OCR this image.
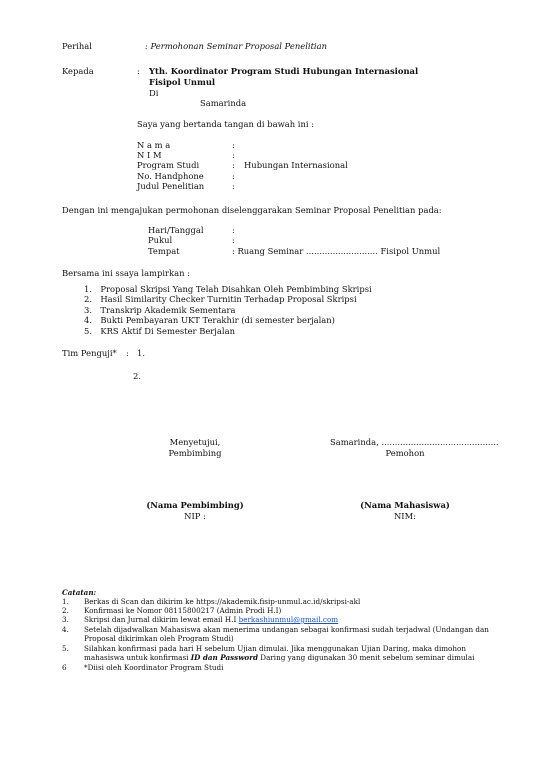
Perihal	: Permohonan Seminar Proposal Penelitian
Kepada	: Yth. Koordinator Program Studi Hubungan Internasional
Fisipol Unmul
Di
Samarinda
Saya yang bertanda tangan di bawah ini :
N a m a	:
N I M	:
Program Studi	: Hubungan Internasional
No. Handphone	:
Judul Penelitian	:
Dengan ini mengajukan permohonan diselenggarakan Seminar Proposal Penelitian pada:
Hari/Tanggal	:
Pukul	:
Tempat	: Ruang Seminar ........................... Fisipol Unmul
Bersama ini ssaya lampirkan :
1. Proposal Skripsi Yang Telah Disahkan Oleh Pembimbing Skripsi
2. Hasil Similarity Checker Turnitin Terhadap Proposal Skripsi
3. Transkrip Akademik Sementara
4. Bukti Pembayaran UKT Terakhir (di semester berjalan)
5. KRS Aktif Di Semester Berjalan
Tim Penguji* : 1.
2.
Menyetujui,
Pembimbing
Samarinda, ............................................
Pemohon
(Nama Pembimbing)
NIP :
(Nama Mahasiswa)
NIM:
Catatan:
1. Berkas di Scan dan dikirim ke https://akademik.fisip-unmul.ac.id/skripsi-akl
2. Konfirmasi ke Nomor 08115800217 (Admin Prodi H.I)
3. Skripsi dan Jurnal dikirim lewat email H.I berkashiunmul@gmail.com
4. Setelah dijadwalkan Mahasiswa akan menerima undangan sebagai konfirmasi sudah terjadwal (Undangan dan
Proposal dikirimkan oleh Program Studi)
5. Silahkan konfirmasi pada hari H sebelum Ujian dimulai. Jika menggunakan Ujian Daring, maka dimohon
mahasiswa untuk konfirmasi ID dan Password Daring yang digunakan 30 menit sebelum seminar dimulai
6 *Diisi oleh Koordinator Program Studi
